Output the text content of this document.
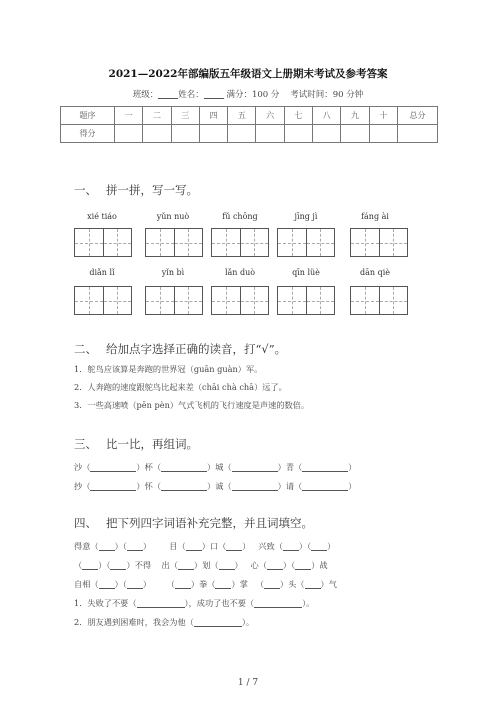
2021—2022年部编版五年级语文上册期末考试及参考答案
班级： 姓名：	满分：100 分 考试时间：90 分钟
题序	一	二	三	四	五	六	七	八	九	十	总分
得分											
一、 拼一拼，写一写。
xié tiáo	yǔn nuò	fǔ chōng	jīng jì	fáng ài
diǎn lǐ	yǐn bì	lǎn duò	qīn lüè	dān qiè
二、 给加点字选择正确的读音，打“√”。
1．鸵鸟应该算是奔跑的世界冠（guān guàn）军。
2．人奔跑的速度跟鸵鸟比起来差（chāi chà chā）远了。
3．一些高速喷（pēn pèn）气式飞机的飞行速度是声速的数倍。
三、 比一比，再组词。
沙（	）杯（	）城（	）青（	）
抄（	）怀（	）诚（	）请（	）
四、 把下列四字词语补充完整，并且词填空。
得意（ ）（ ）       目（ ）口（ ）   兴致（ ）（ ）
（ ）（ ）不得 出（ ）划（ ）   心（ ）（ ）战
自相（ ）（ ）      （ ）拳（ ）掌   （ ）头（ ）气
1．失败了不要（	），成功了也不要（	）。
2．朋友遇到困难时，我会为他（	）。
1 / 7
